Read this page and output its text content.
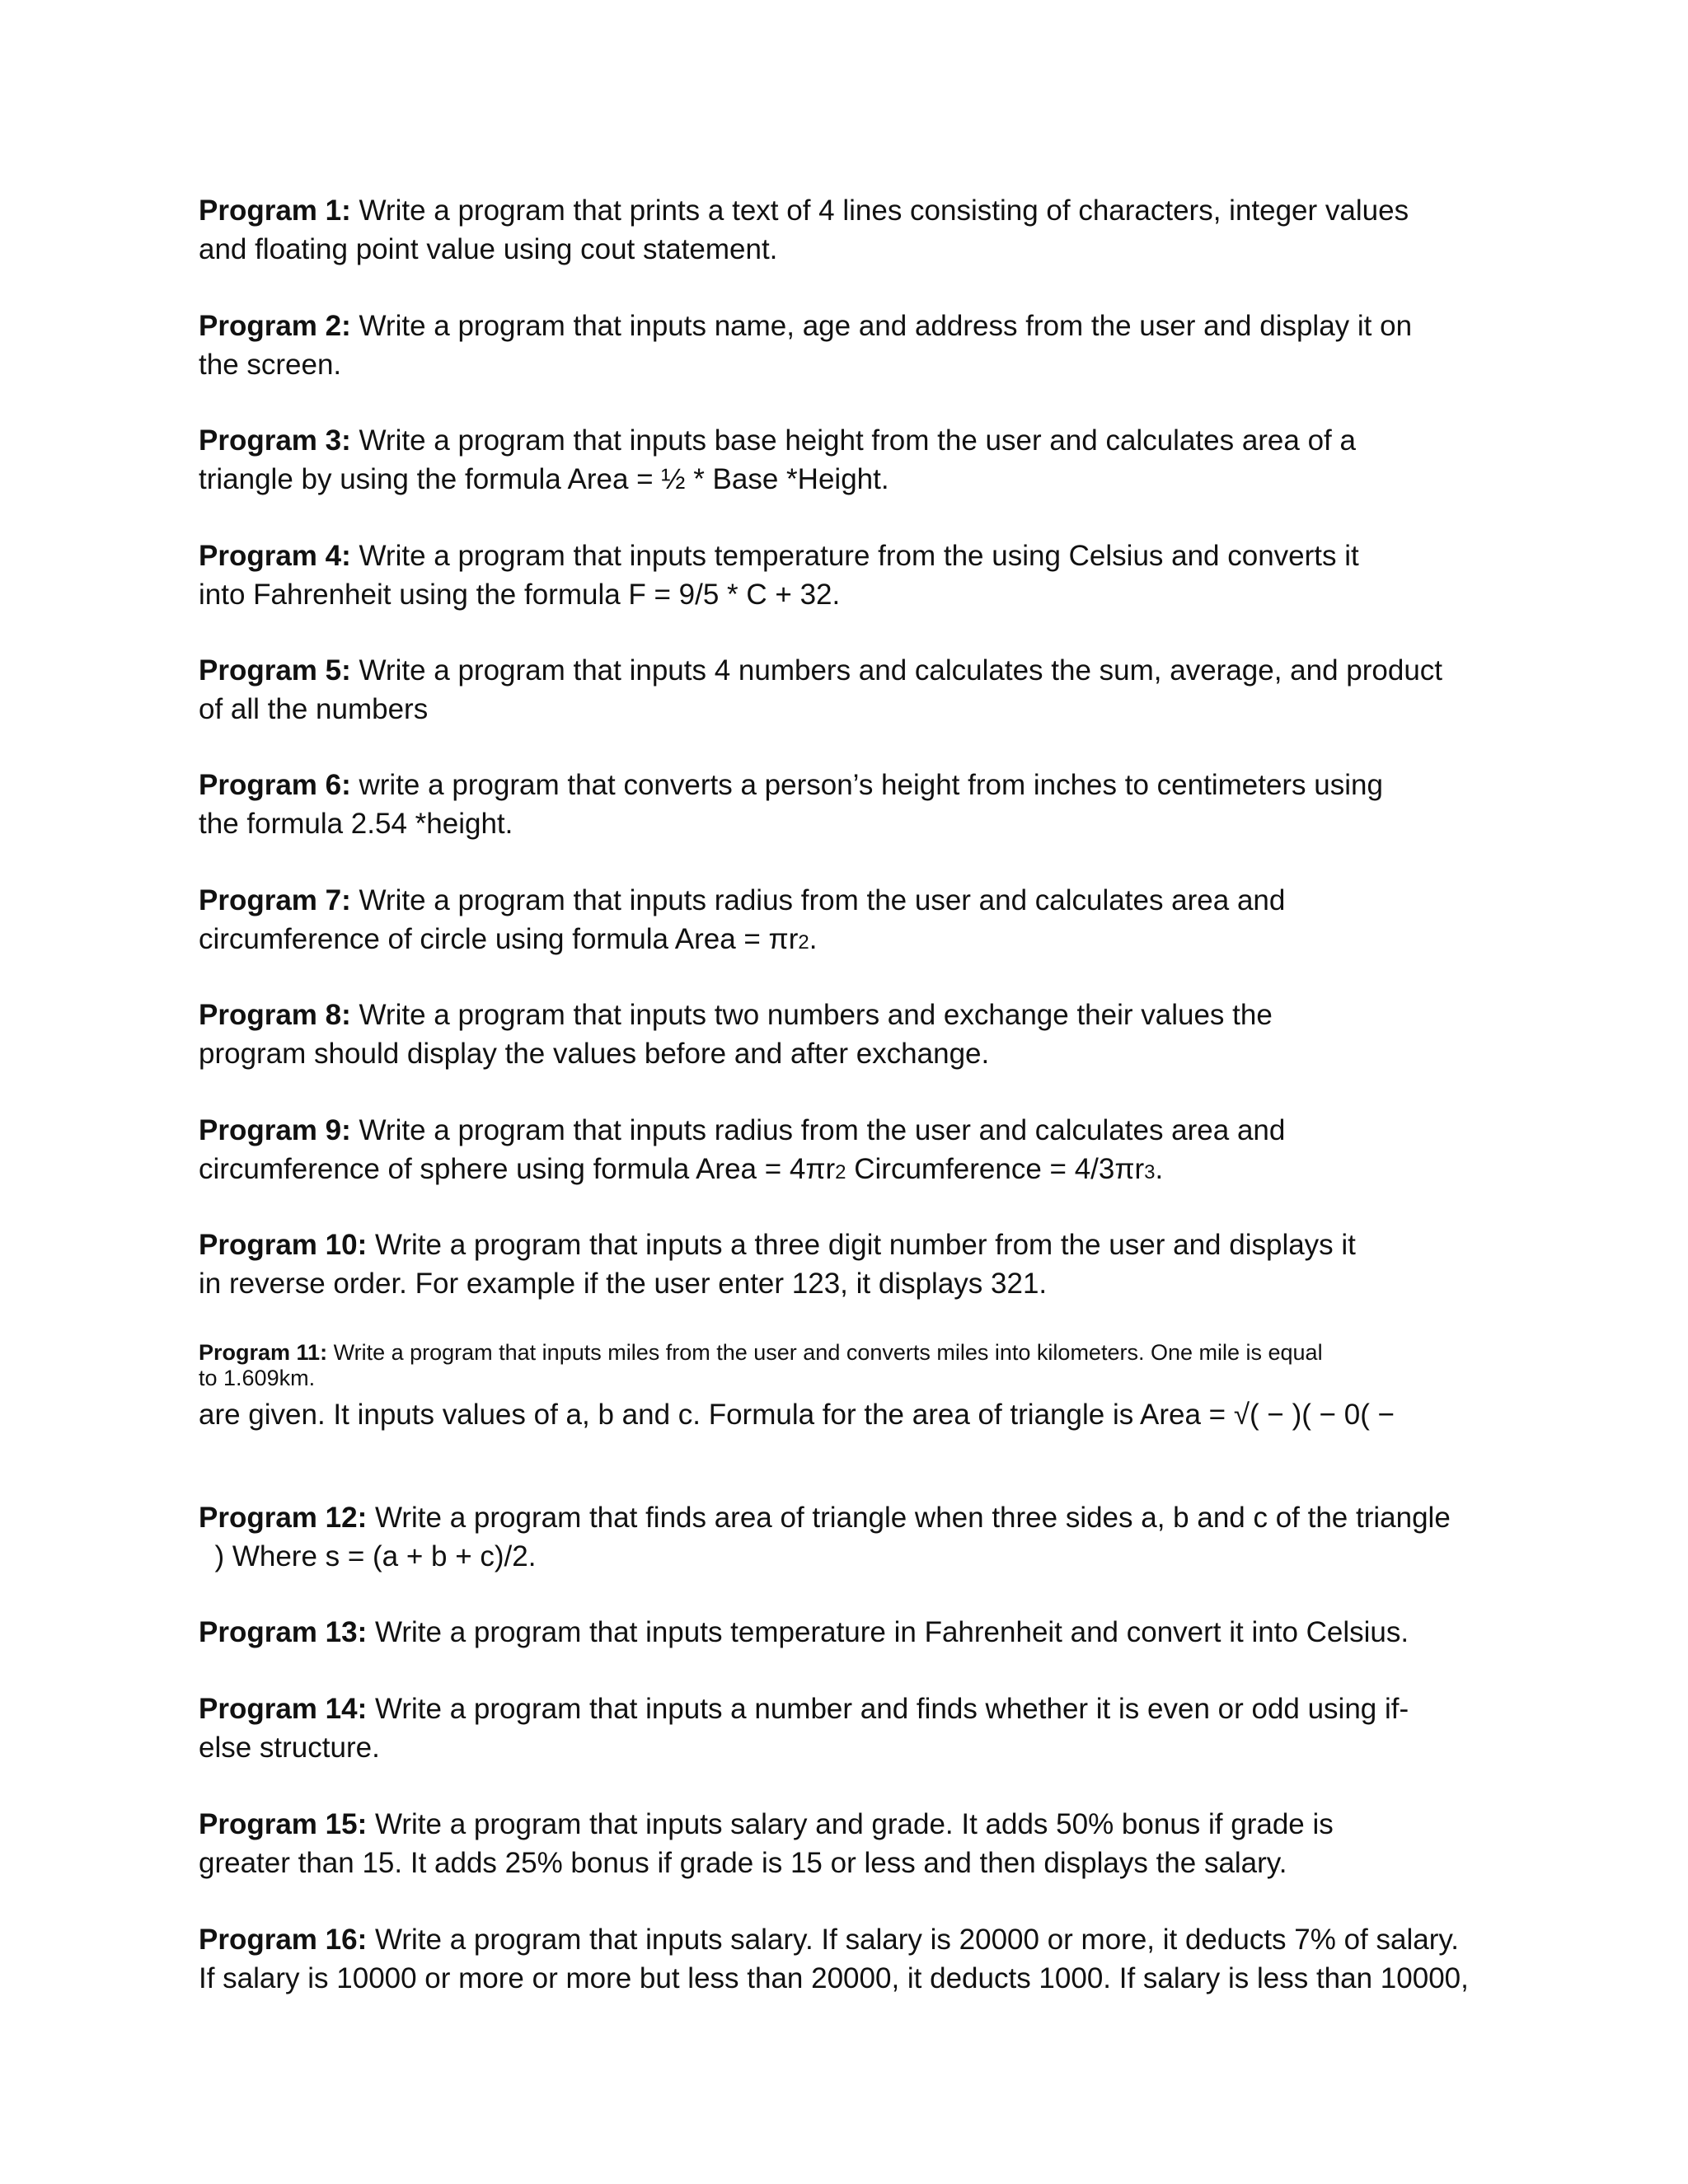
Program 1: Write a program that prints a text of 4 lines consisting of characters, integer values
and floating point value using cout statement.

Program 2: Write a program that inputs name, age and address from the user and display it on
the screen.

Program 3: Write a program that inputs base height from the user and calculates area of a
triangle by using the formula Area = ½ * Base *Height.

Program 4: Write a program that inputs temperature from the using Celsius and converts it
into Fahrenheit using the formula F = 9/5 * C + 32.

Program 5: Write a program that inputs 4 numbers and calculates the sum, average, and product
of all the numbers

Program 6: write a program that converts a person’s height from inches to centimeters using
the formula 2.54 *height.

Program 7: Write a program that inputs radius from the user and calculates area and
circumference of circle using formula Area = πr2.

Program 8: Write a program that inputs two numbers and exchange their values the
program should display the values before and after exchange.

Program 9: Write a program that inputs radius from the user and calculates area and
circumference of sphere using formula Area = 4πr2 Circumference = 4/3πr3.

Program 10: Write a program that inputs a three digit number from the user and displays it
in reverse order. For example if the user enter 123, it displays 321.

Program 11: Write a program that inputs miles from the user and converts miles into kilometers. One mile is equal
to 1.609km.

are given. It inputs values of a, b and c. Formula for the area of triangle is Area = √( − )( − 0( −

Program 12: Write a program that finds area of triangle when three sides a, b and c of the triangle
) Where s = (a + b + c)/2.

Program 13: Write a program that inputs temperature in Fahrenheit and convert it into Celsius.

Program 14: Write a program that inputs a number and finds whether it is even or odd using if-
else structure.

Program 15: Write a program that inputs salary and grade. It adds 50% bonus if grade is
greater than 15. It adds 25% bonus if grade is 15 or less and then displays the salary.

Program 16: Write a program that inputs salary. If salary is 20000 or more, it deducts 7% of salary.
If salary is 10000 or more or more but less than 20000, it deducts 1000. If salary is less than 10000,
